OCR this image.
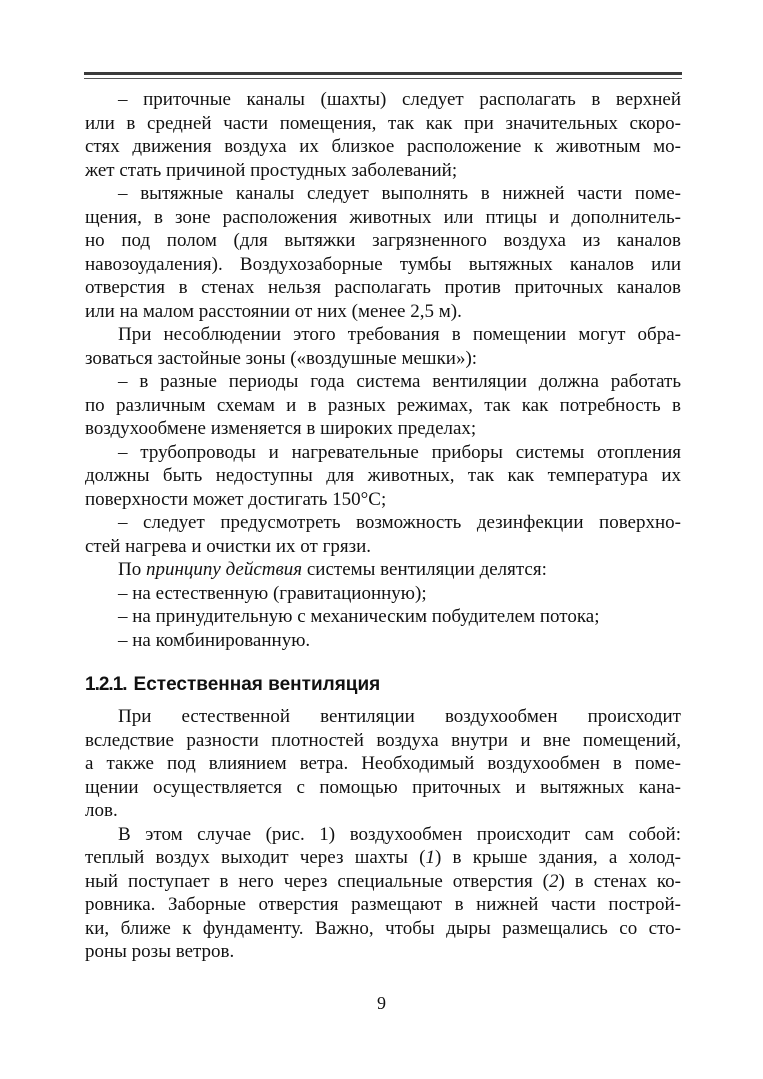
– приточные каналы (шахты) следует располагать в верхней
или в средней части помещения, так как при значительных скоро-
стях движения воздуха их близкое расположение к животным мо-
жет стать причиной простудных заболеваний;
– вытяжные каналы следует выполнять в нижней части поме-
щения, в зоне расположения животных или птицы и дополнитель-
но под полом (для вытяжки загрязненного воздуха из каналов
навозоудаления). Воздухозаборные тумбы вытяжных каналов или
отверстия в стенах нельзя располагать против приточных каналов
или на малом расстоянии от них (менее 2,5 м).
При несоблюдении этого требования в помещении могут обра-
зоваться застойные зоны («воздушные мешки»):
– в разные периоды года система вентиляции должна работать
по различным схемам и в разных режимах, так как потребность в
воздухообмене изменяется в широких пределах;
– трубопроводы и нагревательные приборы системы отопления
должны быть недоступны для животных, так как температура их
поверхности может достигать 150°С;
– следует предусмотреть возможность дезинфекции поверхно-
стей нагрева и очистки их от грязи.
По принципу действия системы вентиляции делятся:
– на естественную (гравитационную);
– на принудительную с механическим побудителем потока;
– на комбинированную.
1.2.1. Естественная вентиляция
При естественной вентиляции воздухообмен происходит
вследствие разности плотностей воздуха внутри и вне помещений,
а также под влиянием ветра. Необходимый воздухообмен в поме-
щении осуществляется с помощью приточных и вытяжных кана-
лов.
В этом случае (рис. 1) воздухообмен происходит сам собой:
теплый воздух выходит через шахты (1) в крыше здания, а холод-
ный поступает в него через специальные отверстия (2) в стенах ко-
ровника. Заборные отверстия размещают в нижней части построй-
ки, ближе к фундаменту. Важно, чтобы дыры размещались со сто-
роны розы ветров.
9
